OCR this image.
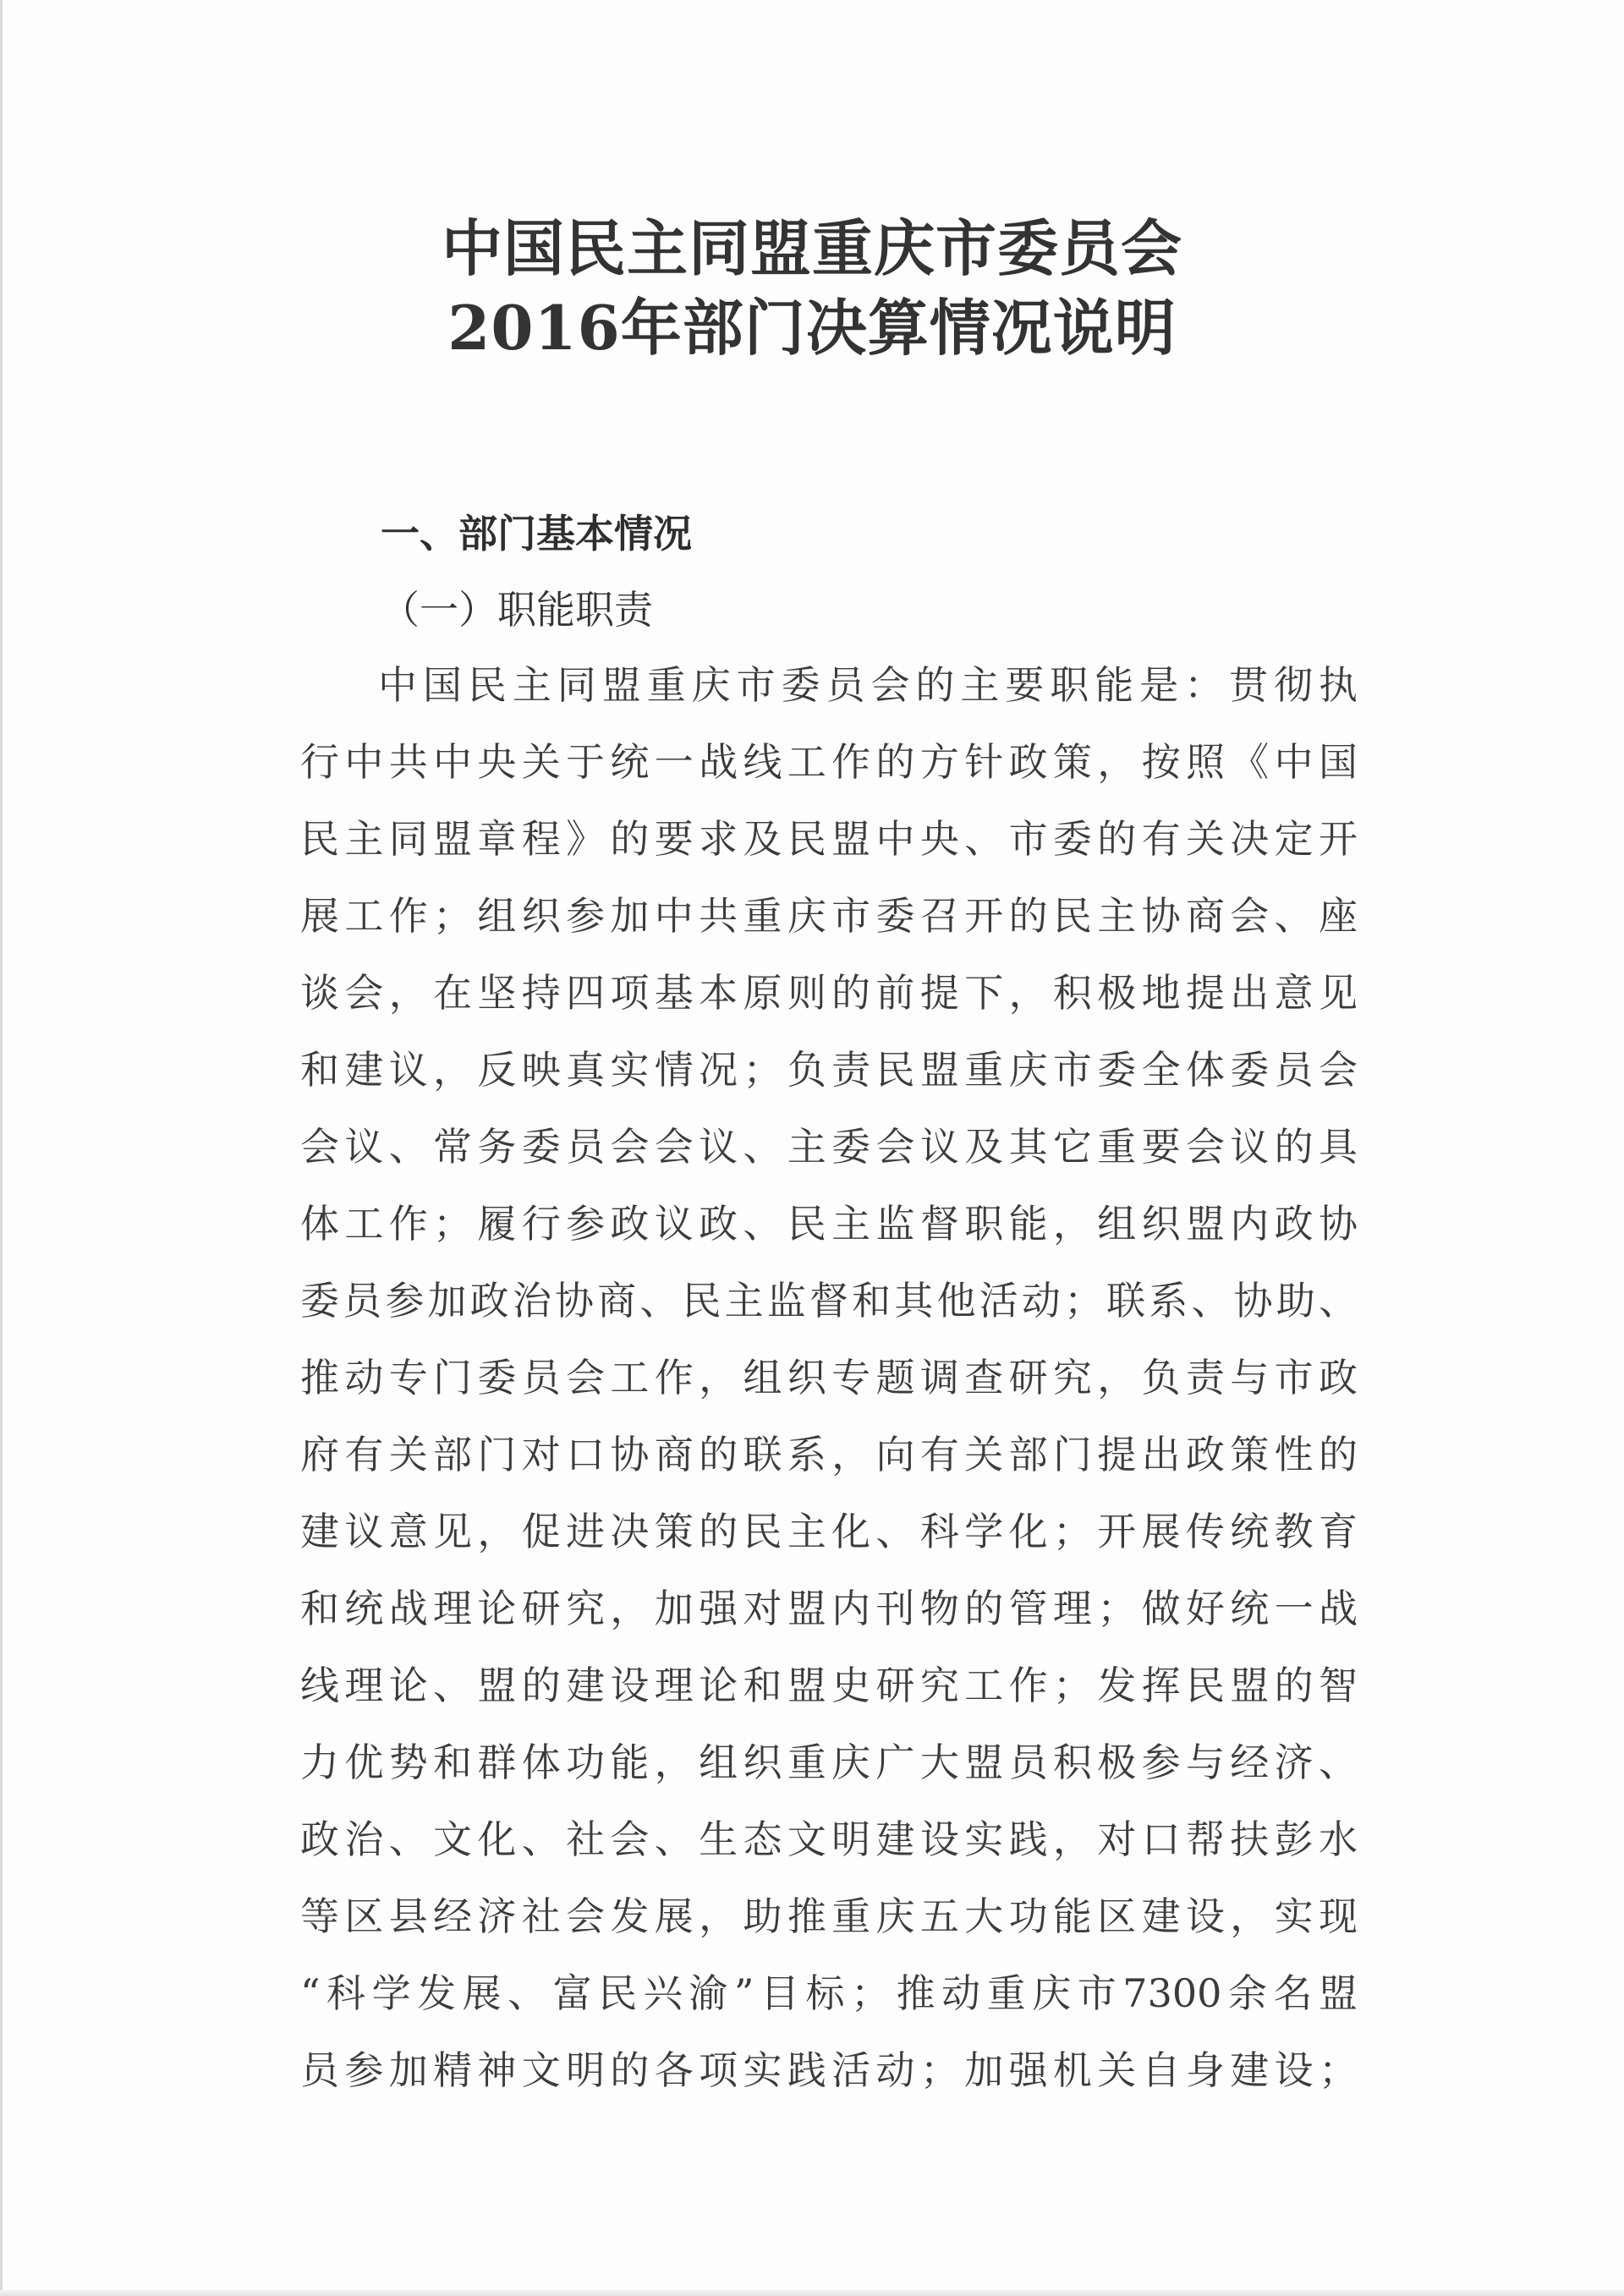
中国民主同盟重庆市委员会
2016年部门决算情况说明
一、部门基本情况
（一）职能职责
中国民主同盟重庆市委员会的主要职能是：贯彻执
行中共中央关于统一战线工作的方针政策，按照《中国
民主同盟章程》的要求及民盟中央、市委的有关决定开
展工作；组织参加中共重庆市委召开的民主协商会、座
谈会，在坚持四项基本原则的前提下，积极地提出意见
和建议，反映真实情况；负责民盟重庆市委全体委员会
会议、常务委员会会议、主委会议及其它重要会议的具
体工作；履行参政议政、民主监督职能，组织盟内政协
委员参加政治协商、民主监督和其他活动；联系、协助、
推动专门委员会工作，组织专题调查研究，负责与市政
府有关部门对口协商的联系，向有关部门提出政策性的
建议意见，促进决策的民主化、科学化；开展传统教育
和统战理论研究，加强对盟内刊物的管理；做好统一战
线理论、盟的建设理论和盟史研究工作；发挥民盟的智
力优势和群体功能，组织重庆广大盟员积极参与经济、
政治、文化、社会、生态文明建设实践，对口帮扶彭水
等区县经济社会发展，助推重庆五大功能区建设，实现
“科学发展、富民兴渝”目标；推动重庆市7300余名盟
员参加精神文明的各项实践活动；加强机关自身建设；
